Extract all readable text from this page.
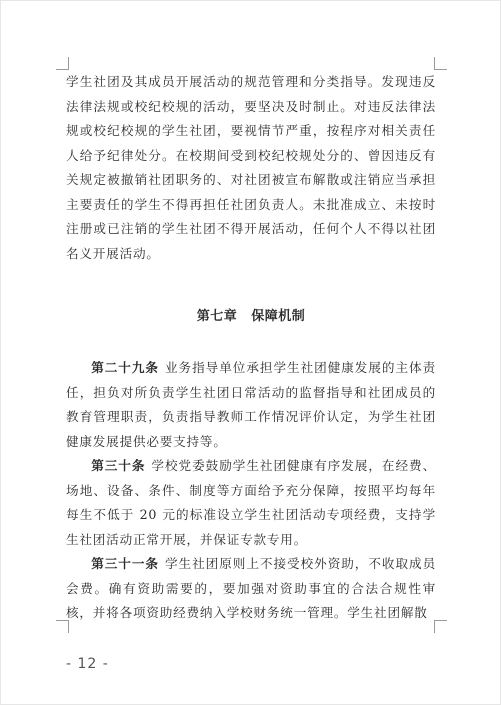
学生社团及其成员开展活动的规范管理和分类指导。发现违反法律法规或校纪校规的活动，要坚决及时制止。对违反法律法规或校纪校规的学生社团，要视情节严重，按程序对相关责任人给予纪律处分。在校期间受到校纪校规处分的、曾因违反有关规定被撤销社团职务的、对社团被宣布解散或注销应当承担主要责任的学生不得再担任社团负责人。未批准成立、未按时注册或已注销的学生社团不得开展活动，任何个人不得以社团名义开展活动。

第七章 保障机制

第二十九条 业务指导单位承担学生社团健康发展的主体责任，担负对所负责学生社团日常活动的监督指导和社团成员的教育管理职责，负责指导教师工作情况评价认定，为学生社团健康发展提供必要支持等。

第三十条 学校党委鼓励学生社团健康有序发展，在经费、场地、设备、条件、制度等方面给予充分保障，按照平均每年每生不低于 20 元的标准设立学生社团活动专项经费，支持学生社团活动正常开展，并保证专款专用。

第三十一条 学生社团原则上不接受校外资助，不收取成员会费。确有资助需要的，要加强对资助事宜的合法合规性审核，并将各项资助经费纳入学校财务统一管理。学生社团解散

- 12 -
